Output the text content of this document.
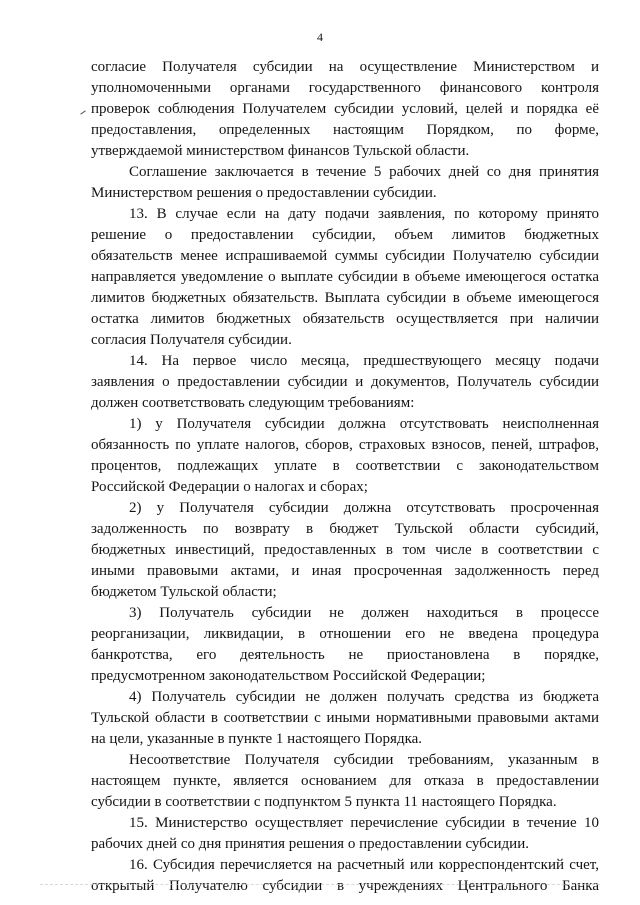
4
согласие Получателя субсидии на осуществление Министерством и
уполномоченными органами государственного финансового контроля
проверок соблюдения Получателем субсидии условий, целей и порядка её
предоставления, определенных настоящим Порядком, по форме,
утверждаемой министерством финансов Тульской области.
Соглашение заключается в течение 5 рабочих дней со дня принятия
Министерством решения о предоставлении субсидии.
13. В случае если на дату подачи заявления, по которому принято
решение о предоставлении субсидии, объем лимитов бюджетных
обязательств менее испрашиваемой суммы субсидии Получателю субсидии
направляется уведомление о выплате субсидии в объеме имеющегося остатка
лимитов бюджетных обязательств. Выплата субсидии в объеме имеющегося
остатка лимитов бюджетных обязательств осуществляется при наличии
согласия Получателя субсидии.
14. На первое число месяца, предшествующего месяцу подачи
заявления о предоставлении субсидии и документов, Получатель субсидии
должен соответствовать следующим требованиям:
1) у Получателя субсидии должна отсутствовать неисполненная
обязанность по уплате налогов, сборов, страховых взносов, пеней, штрафов,
процентов, подлежащих уплате в соответствии с законодательством
Российской Федерации о налогах и сборах;
2) у Получателя субсидии должна отсутствовать просроченная
задолженность по возврату в бюджет Тульской области субсидий,
бюджетных инвестиций, предоставленных в том числе в соответствии с
иными правовыми актами, и иная просроченная задолженность перед
бюджетом Тульской области;
3) Получатель субсидии не должен находиться в процессе
реорганизации, ликвидации, в отношении его не введена процедура
банкротства, его деятельность не приостановлена в порядке,
предусмотренном законодательством Российской Федерации;
4) Получатель субсидии не должен получать средства из бюджета
Тульской области в соответствии с иными нормативными правовыми актами
на цели, указанные в пункте 1 настоящего Порядка.
Несоответствие Получателя субсидии требованиям, указанным в
настоящем пункте, является основанием для отказа в предоставлении
субсидии в соответствии с подпунктом 5 пункта 11 настоящего Порядка.
15. Министерство осуществляет перечисление субсидии в течение 10
рабочих дней со дня принятия решения о предоставлении субсидии.
16. Субсидия перечисляется на расчетный или корреспондентский счет,
открытый Получателю субсидии в учреждениях Центрального Банка
